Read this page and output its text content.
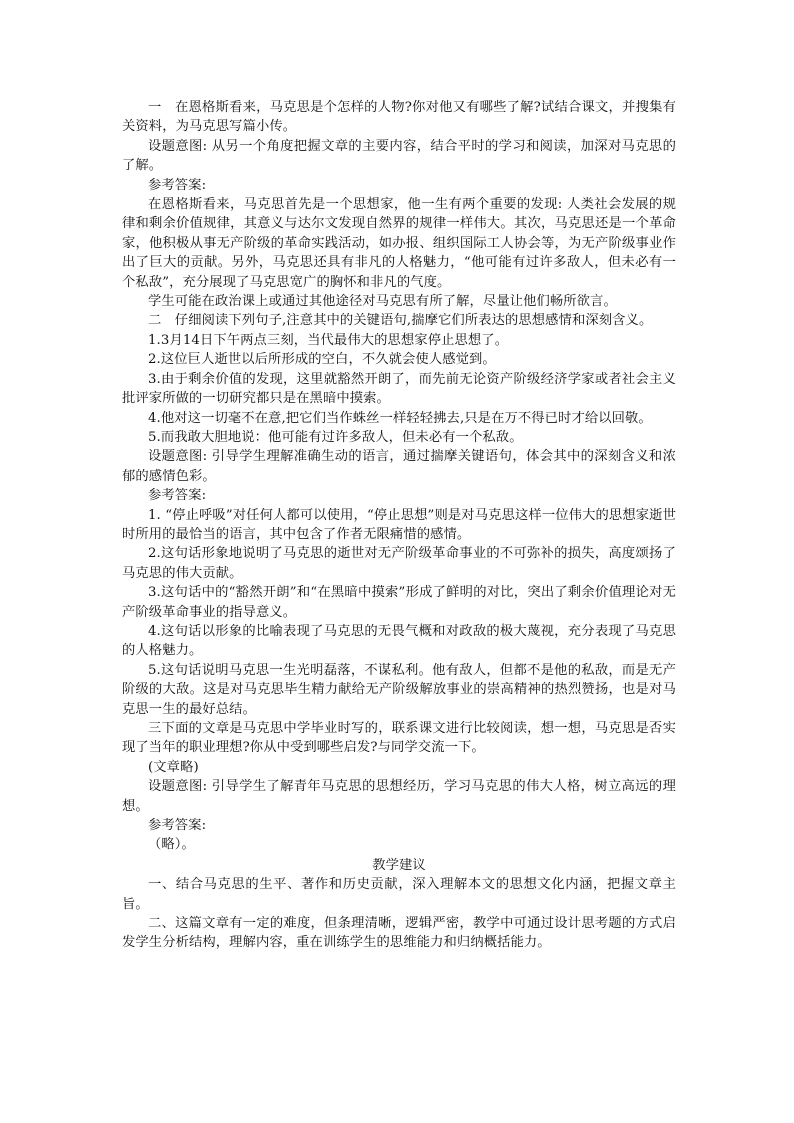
一　在恩格斯看来，马克思是个怎样的人物?你对他又有哪些了解?试结合课文，并搜集有关资料，为马克思写篇小传。

设题意图: 从另一个角度把握文章的主要内容，结合平时的学习和阅读，加深对马克思的了解。

参考答案:

在恩格斯看来，马克思首先是一个思想家，他一生有两个重要的发现: 人类社会发展的规律和剩余价值规律，其意义与达尔文发现自然界的规律一样伟大。其次，马克思还是一个革命家，他积极从事无产阶级的革命实践活动，如办报、组织国际工人协会等，为无产阶级事业作出了巨大的贡献。另外，马克思还具有非凡的人格魅力，“他可能有过许多敌人，但未必有一个私敌”，充分展现了马克思宽广的胸怀和非凡的气度。

学生可能在政治课上或通过其他途径对马克思有所了解，尽量让他们畅所欲言。

二　仔细阅读下列句子,注意其中的关键语句,揣摩它们所表达的思想感情和深刻含义。

1.3月14日下午两点三刻，当代最伟大的思想家停止思想了。

2.这位巨人逝世以后所形成的空白，不久就会使人感觉到。

3.由于剩余价值的发现，这里就豁然开朗了，而先前无论资产阶级经济学家或者社会主义批评家所做的一切研究都只是在黑暗中摸索。

4.他对这一切毫不在意,把它们当作蛛丝一样轻轻拂去,只是在万不得已时才给以回敬。

5.而我敢大胆地说：他可能有过许多敌人，但未必有一个私敌。

设题意图: 引导学生理解准确生动的语言，通过揣摩关键语句，体会其中的深刻含义和浓郁的感情色彩。

参考答案:

1. “停止呼吸”对任何人都可以使用，“停止思想”则是对马克思这样一位伟大的思想家逝世时所用的最恰当的语言，其中包含了作者无限痛惜的感情。

2.这句话形象地说明了马克思的逝世对无产阶级革命事业的不可弥补的损失，高度颂扬了马克思的伟大贡献。

3.这句话中的“豁然开朗”和“在黑暗中摸索”形成了鲜明的对比，突出了剩余价值理论对无产阶级革命事业的指导意义。

4.这句话以形象的比喻表现了马克思的无畏气概和对政敌的极大蔑视，充分表现了马克思的人格魅力。

5.这句话说明马克思一生光明磊落，不谋私利。他有敌人，但都不是他的私敌，而是无产阶级的大敌。这是对马克思毕生精力献给无产阶级解放事业的崇高精神的热烈赞扬，也是对马克思一生的最好总结。

三下面的文章是马克思中学毕业时写的，联系课文进行比较阅读，想一想，马克思是否实现了当年的职业理想?你从中受到哪些启发?与同学交流一下。

(文章略)

设题意图: 引导学生了解青年马克思的思想经历，学习马克思的伟大人格，树立高远的理想。

参考答案:

（略）。

教学建议

一、结合马克思的生平、著作和历史贡献，深入理解本文的思想文化内涵，把握文章主旨。

二、这篇文章有一定的难度，但条理清晰，逻辑严密，教学中可通过设计思考题的方式启发学生分析结构，理解内容，重在训练学生的思维能力和归纳概括能力。
